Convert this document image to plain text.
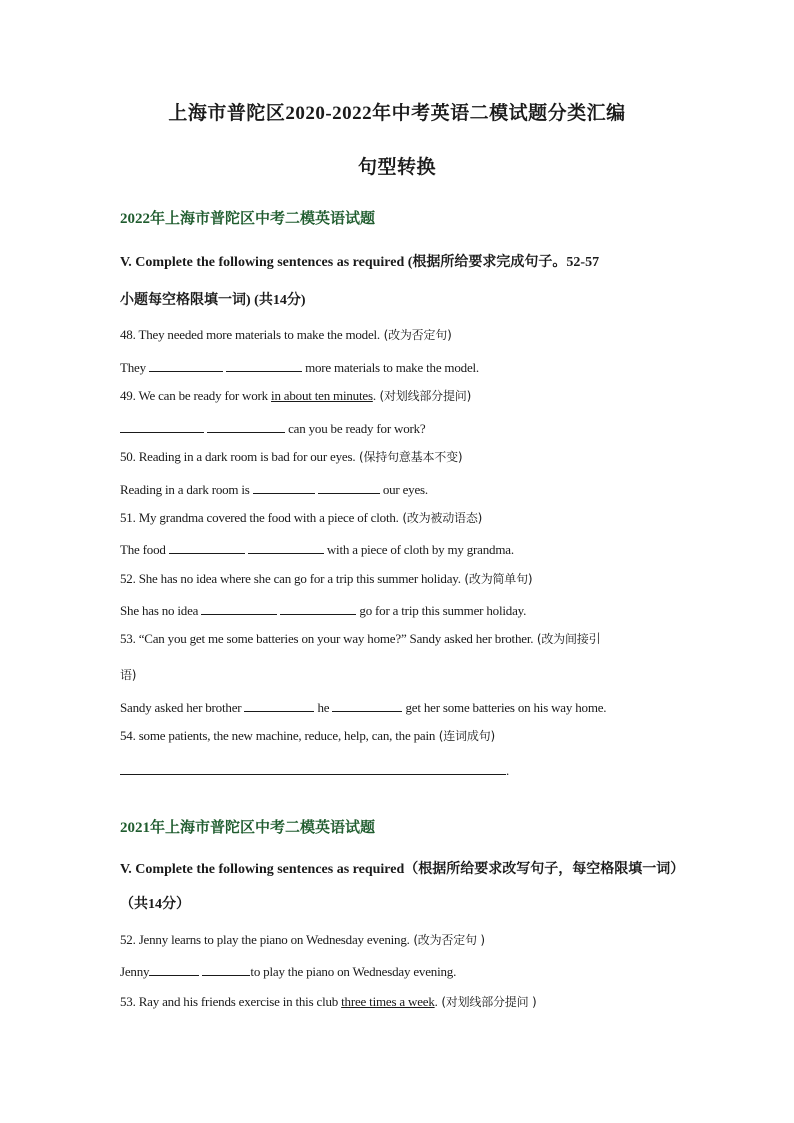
上海市普陀区2020-2022年中考英语二模试题分类汇编
句型转换
2022年上海市普陀区中考二模英语试题
V. Complete the following sentences as required (根据所给要求完成句子。52-57
小题每空格限填一词) (共14分)
48. They needed more materials to make the model. (改为否定句)
They	more materials to make the model.
49. We can be ready for work in about ten minutes. (对划线部分提问)
can you be ready for work?
50. Reading in a dark room is bad for our eyes. (保持句意基本不变)
Reading in a dark room is	our eyes.
51. My grandma covered the food with a piece of cloth. (改为被动语态)
The food	with a piece of cloth by my grandma.
52. She has no idea where she can go for a trip this summer holiday. (改为简单句)
She has no idea	go for a trip this summer holiday.
53. “Can you get me some batteries on your way home?” Sandy asked her brother. (改为间接引
语)
Sandy asked her brother	he	get her some batteries on his way home.
54. some patients, the new machine, reduce, help, can, the pain (连词成句)
.
2021年上海市普陀区中考二模英语试题
V. Complete the following sentences as required（根据所给要求改写句子，每空格限填一词）
（共14分）
52. Jenny learns to play the piano on Wednesday evening. (改为否定句 )
Jenny	to play the piano on Wednesday evening.
53. Ray and his friends exercise in this club three times a week. (对划线部分提问 )
